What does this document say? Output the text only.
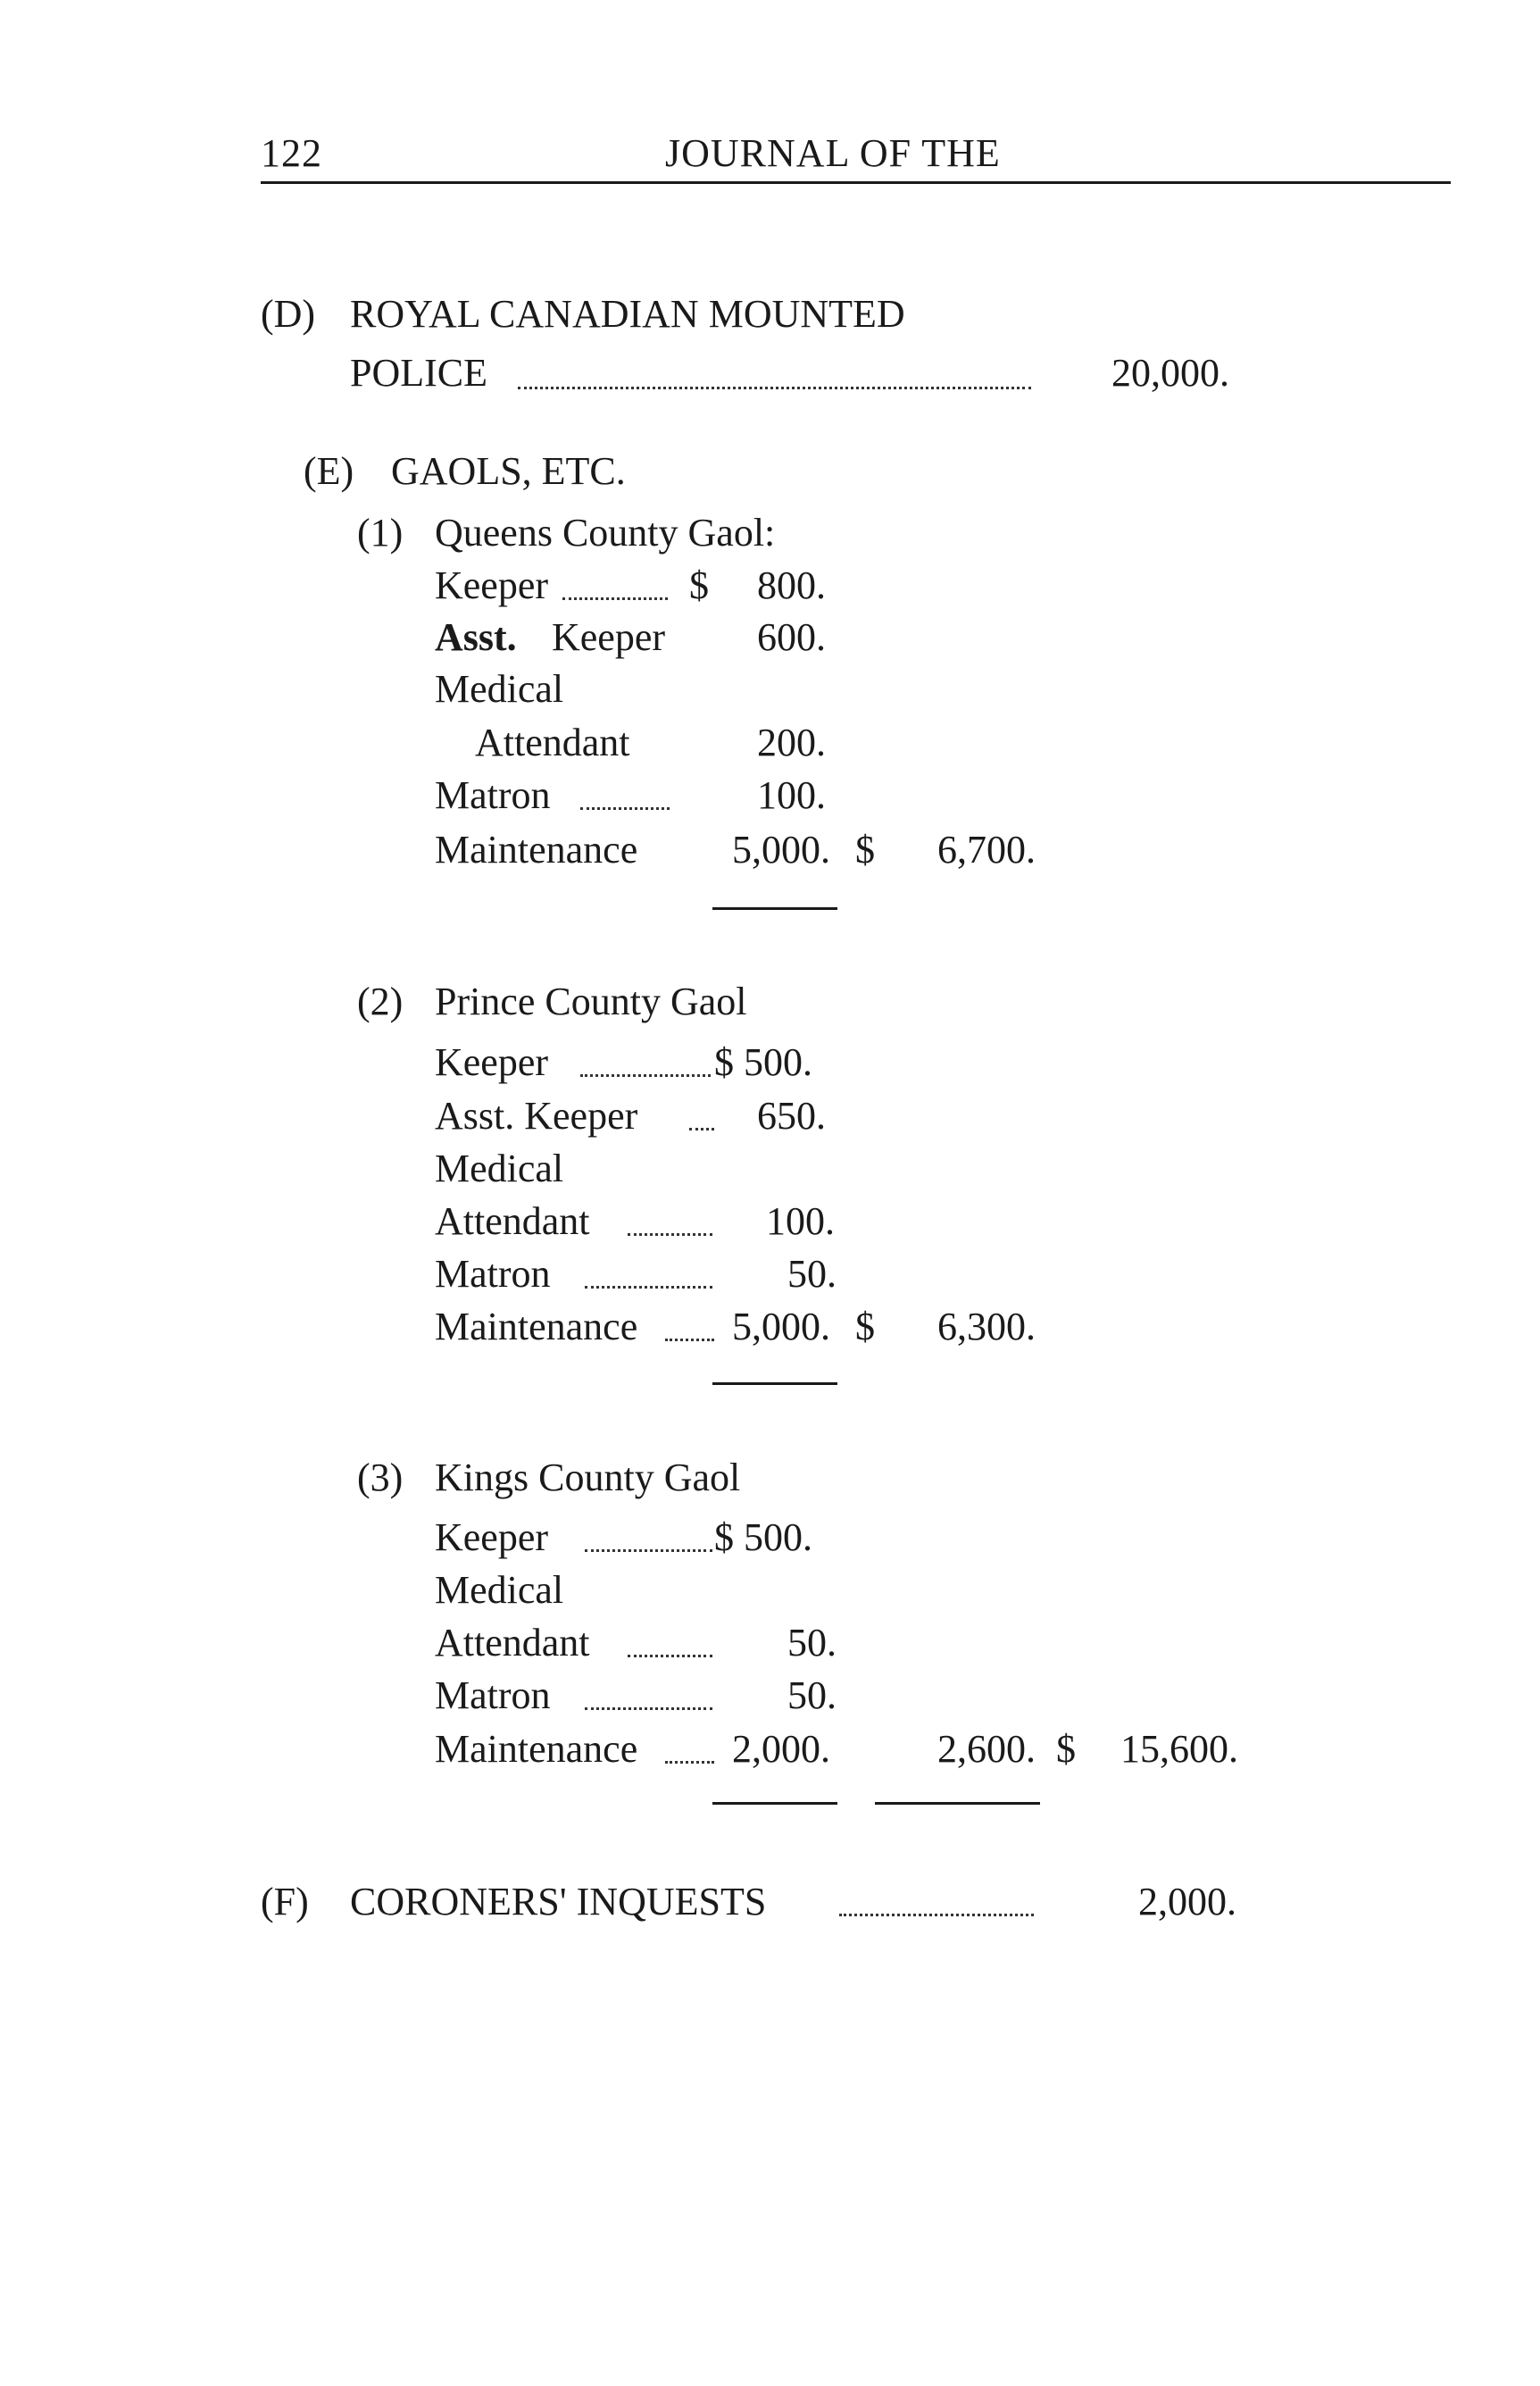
122	JOURNAL OF THE
(D) ROYAL CANADIAN MOUNTED
POLICE	20,000.
(E) GAOLS, ETC.
(1) Queens County Gaol:
Keeper	$ 800.
Asst. Keeper 600.
Medical
Attendant	200.
Matron	100.
Maintenance 5,000. $ 6,700.
(2) Prince County Gaol
Keeper	$ 500.
Asst. Keeper	650.
Medical
Attendant	100.
Matron	50.
Maintenance 5,000. $ 6,300.
(3) Kings County Gaol
Keeper	$ 500.
Medical
Attendant	50.
Matron	50.
Maintenance 2,000.	2,600. $ 15,600.
(F) CORONERS' INQUESTS	2,000.
